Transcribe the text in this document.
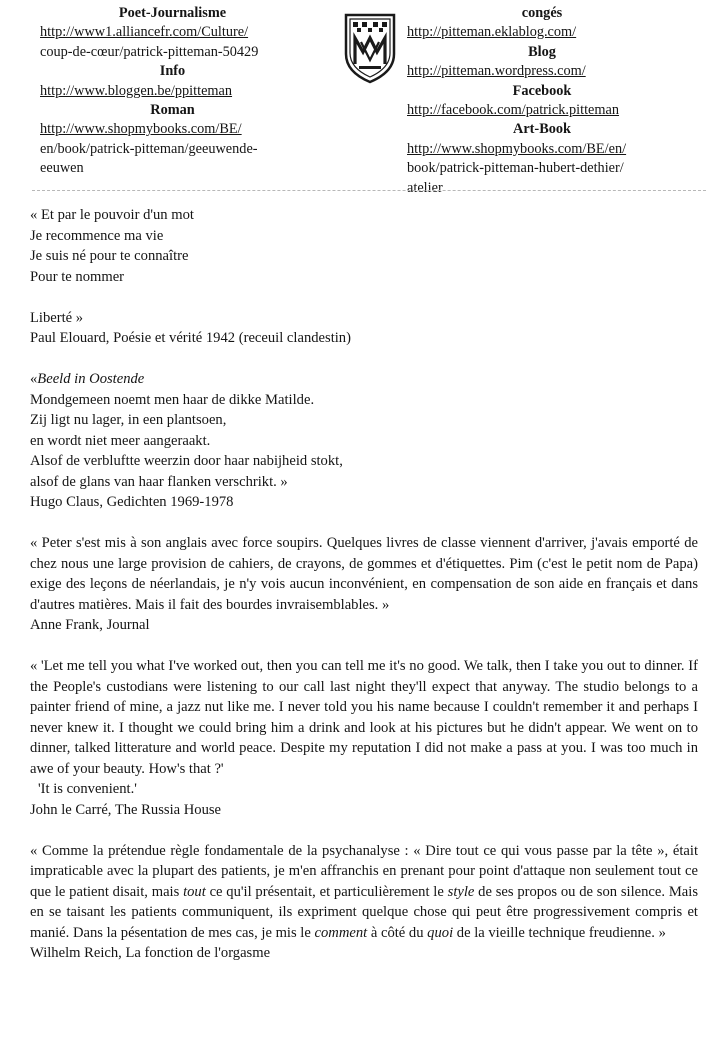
Poet-Journalisme
http://www1.alliancefr.com/Culture/
coup-de-cœur/patrick-pitteman-50429
Info
http://www.bloggen.be/ppitteman
Roman
http://www.shopmybooks.com/BE/
en/book/patrick-pitteman/geeuwende-
eeuwen
congés
http://pitteman.eklablog.com/
Blog
http://pitteman.wordpress.com/
Facebook
http://facebook.com/patrick.pitteman
Art-Book
http://www.shopmybooks.com/BE/en/
book/patrick-pitteman-hubert-dethier/
atelier

« Et par le pouvoir d'un mot

Je recommence ma vie

Je suis né pour te connaître

Pour te nommer

Liberté »

Paul Elouard, Poésie et vérité 1942 (receuil clandestin)

«Beeld in Oostende

Mondgemeen noemt men haar de dikke Matilde.

Zij ligt nu lager, in een plantsoen,

en wordt niet meer aangeraakt.

Alsof de verbluftte weerzin door haar nabijheid stokt,

alsof de glans van haar flanken verschrikt. »

Hugo Claus, Gedichten 1969-1978

« Peter s'est mis à son anglais avec force soupirs. Quelques livres de classe viennent d'arriver, j'avais emporté de chez nous une large provision de cahiers, de crayons, de gommes et d'étiquettes. Pim (c'est le petit nom de Papa) exige des leçons de néerlandais, je n'y vois aucun inconvénient, en compensation de son aide en français et dans d'autres matières. Mais il fait des bourdes invraisemblables. »

Anne Frank, Journal

« 'Let me tell you what I've worked out, then you can tell me it's no good. We talk, then I take you out to dinner. If the People's custodians were listening to our call last night they'll expect that anyway. The studio belongs to a painter friend of mine, a jazz nut like me. I never told you his name because I couldn't remember it and perhaps I never knew it. I thought we could bring him a drink and look at his pictures but he didn't appear. We went on to dinner, talked litterature and world peace. Despite my reputation I did not make a pass at you. I was too much in awe of your beauty. How's that ?'

'It is convenient.'

John le Carré, The Russia House

« Comme la prétendue règle fondamentale de la psychanalyse : « Dire tout ce qui vous passe par la tête », était impraticable avec la plupart des patients, je m'en affranchis en prenant pour point d'attaque non seulement tout ce que le patient disait, mais tout ce qu'il présentait, et particulièrement le style de ses propos ou de son silence. Mais en se taisant les patients communiquent, ils expriment quelque chose qui peut être progressivement compris et manié. Dans la pésentation de mes cas, je mis le comment à côté du quoi de la vieille technique freudienne. »

Wilhelm Reich, La fonction de l'orgasme
